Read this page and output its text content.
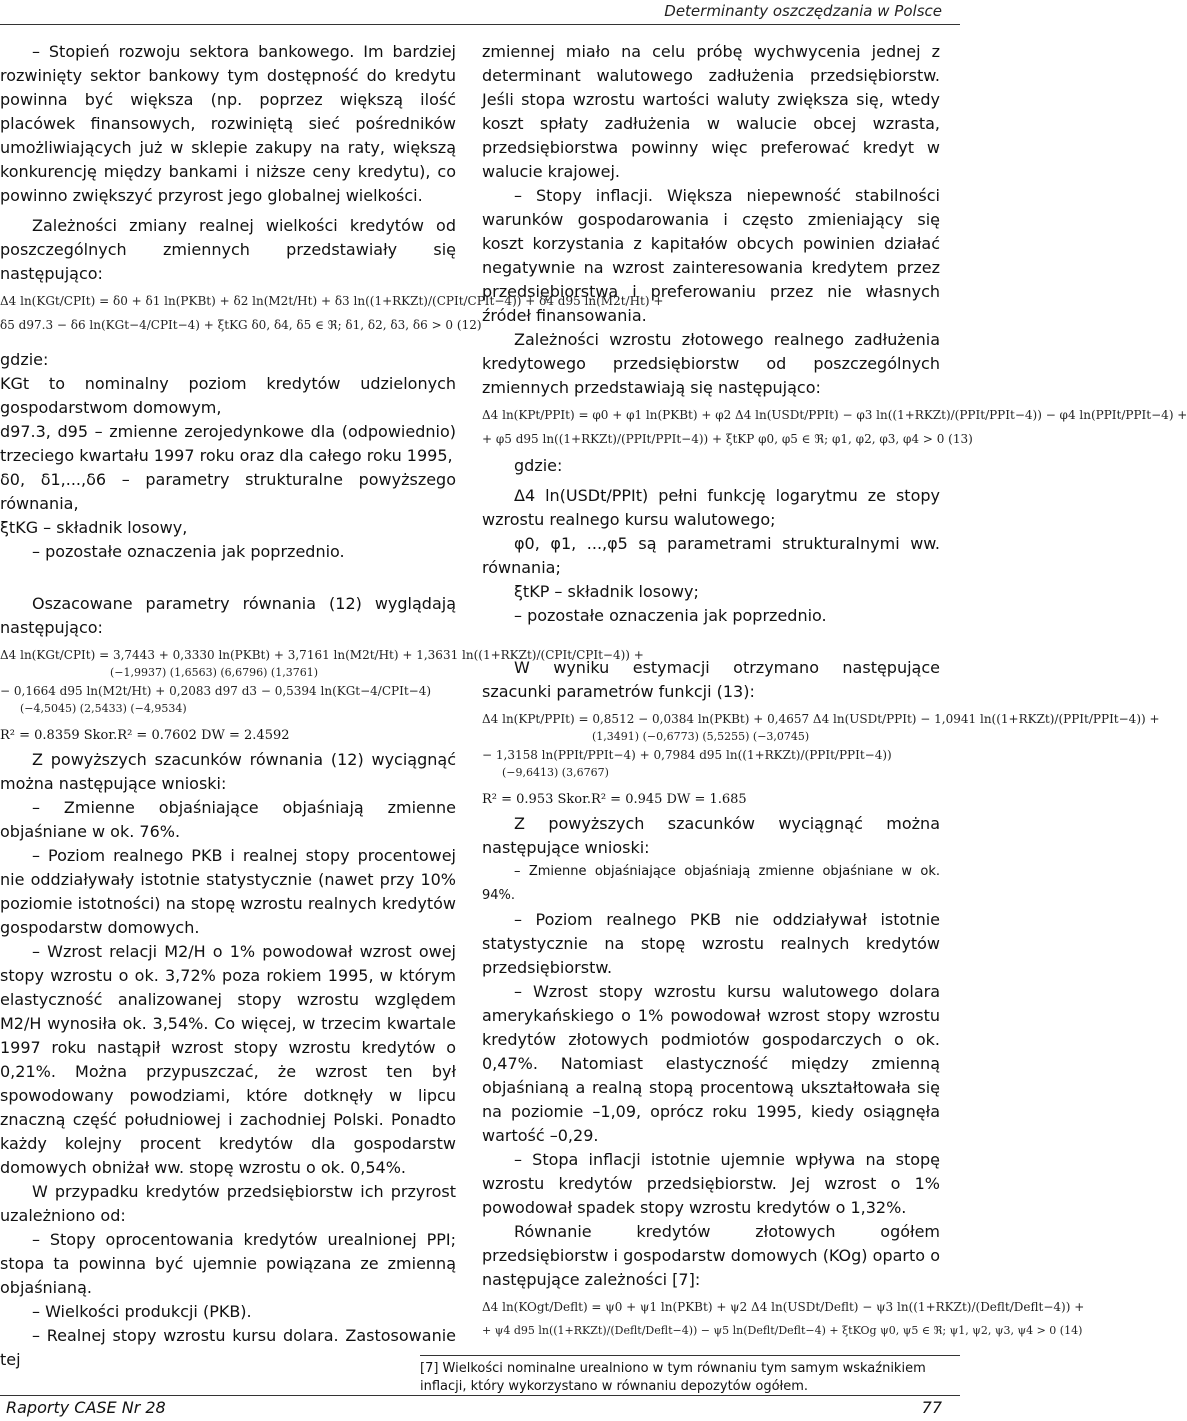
Determinanty oszczędzania w Polsce

– Stopień rozwoju sektora bankowego. Im bardziej rozwinięty sektor bankowy tym dostępność do kredytu powinna być większa (np. poprzez większą ilość placówek finansowych, rozwiniętą sieć pośredników umożliwiających już w sklepie zakupy na raty, większą konkurencję między bankami i niższe ceny kredytu), co powinno zwiększyć przyrost jego globalnej wielkości.

Zależności zmiany realnej wielkości kredytów od poszczególnych zmiennych przedstawiały się następująco:

Δ4 ln(KGt/CPIt) = δ0 + δ1 ln(PKBt) + δ2 ln(M2t/Ht) + δ3 ln((1+RKZt)/(CPIt/CPIt−4)) + δ4 d95 ln(M2t/Ht) +
δ5 d97.3 − δ6 ln(KGt−4/CPIt−4) + ξtKG δ0, δ4, δ5 ∈ ℜ; δ1, δ2, δ3, δ6 > 0 (12)

gdzie:

KGt to nominalny poziom kredytów udzielonych gospodarstwom domowym,

d97.3, d95 – zmienne zerojedynkowe dla (odpowiednio) trzeciego kwartału 1997 roku oraz dla całego roku 1995,

δ0, δ1,...,δ6 – parametry strukturalne powyższego równania,

ξtKG – składnik losowy,

– pozostałe oznaczenia jak poprzednio.

Oszacowane parametry równania (12) wyglądają następująco:

Δ4 ln(KGt/CPIt) = 3,7443 + 0,3330 ln(PKBt) + 3,7161 ln(M2t/Ht) + 1,3631 ln((1+RKZt)/(CPIt/CPIt−4)) +
(−1,9937) (1,6563) (6,6796) (1,3761)
− 0,1664 d95 ln(M2t/Ht) + 0,2083 d97 d3 − 0,5394 ln(KGt−4/CPIt−4)
(−4,5045) (2,5433) (−4,9534)
R² = 0.8359 Skor.R² = 0.7602 DW = 2.4592

Z powyższych szacunków równania (12) wyciągnąć można następujące wnioski:

– Zmienne objaśniające objaśniają zmienne objaśniane w ok. 76%.

– Poziom realnego PKB i realnej stopy procentowej nie oddziaływały istotnie statystycznie (nawet przy 10% poziomie istotności) na stopę wzrostu realnych kredytów gospodarstw domowych.

– Wzrost relacji M2/H o 1% powodował wzrost owej stopy wzrostu o ok. 3,72% poza rokiem 1995, w którym elastyczność analizowanej stopy wzrostu względem M2/H wynosiła ok. 3,54%. Co więcej, w trzecim kwartale 1997 roku nastąpił wzrost stopy wzrostu kredytów o 0,21%. Można przypuszczać, że wzrost ten był spowodowany powodziami, które dotknęły w lipcu znaczną część południowej i zachodniej Polski. Ponadto każdy kolejny procent kredytów dla gospodarstw domowych obniżał ww. stopę wzrostu o ok. 0,54%.

W przypadku kredytów przedsiębiorstw ich przyrost uzależniono od:

– Stopy oprocentowania kredytów urealnionej PPI; stopa ta powinna być ujemnie powiązana ze zmienną objaśnianą.

– Wielkości produkcji (PKB).

– Realnej stopy wzrostu kursu dolara. Zastosowanie tej

zmiennej miało na celu próbę wychwycenia jednej z determinant walutowego zadłużenia przedsiębiorstw. Jeśli stopa wzrostu wartości waluty zwiększa się, wtedy koszt spłaty zadłużenia w walucie obcej wzrasta, przedsiębiorstwa powinny więc preferować kredyt w walucie krajowej.

– Stopy inflacji. Większa niepewność stabilności warunków gospodarowania i często zmieniający się koszt korzystania z kapitałów obcych powinien działać negatywnie na wzrost zainteresowania kredytem przez przedsiębiorstwa i preferowaniu przez nie własnych źródeł finansowania.

Zależności wzrostu złotowego realnego zadłużenia kredytowego przedsiębiorstw od poszczególnych zmiennych przedstawiają się następująco:

Δ4 ln(KPt/PPIt) = φ0 + φ1 ln(PKBt) + φ2 Δ4 ln(USDt/PPIt) − φ3 ln((1+RKZt)/(PPIt/PPIt−4)) − φ4 ln(PPIt/PPIt−4) +
+ φ5 d95 ln((1+RKZt)/(PPIt/PPIt−4)) + ξtKP φ0, φ5 ∈ ℜ; φ1, φ2, φ3, φ4 > 0 (13)

gdzie:

Δ4 ln(USDt/PPIt) pełni funkcję logarytmu ze stopy wzrostu realnego kursu walutowego;

φ0, φ1, ...,φ5 są parametrami strukturalnymi ww. równania;

ξtKP – składnik losowy;

– pozostałe oznaczenia jak poprzednio.

W wyniku estymacji otrzymano następujące szacunki parametrów funkcji (13):

Δ4 ln(KPt/PPIt) = 0,8512 − 0,0384 ln(PKBt) + 0,4657 Δ4 ln(USDt/PPIt) − 1,0941 ln((1+RKZt)/(PPIt/PPIt−4)) +
(1,3491) (−0,6773) (5,5255) (−3,0745)
− 1,3158 ln(PPIt/PPIt−4) + 0,7984 d95 ln((1+RKZt)/(PPIt/PPIt−4))
(−9,6413) (3,6767)
R² = 0.953 Skor.R² = 0.945 DW = 1.685

Z powyższych szacunków wyciągnąć można następujące wnioski:

– Zmienne objaśniające objaśniają zmienne objaśniane w ok. 94%.

– Poziom realnego PKB nie oddziaływał istotnie statystycznie na stopę wzrostu realnych kredytów przedsiębiorstw.

– Wzrost stopy wzrostu kursu walutowego dolara amerykańskiego o 1% powodował wzrost stopy wzrostu kredytów złotowych podmiotów gospodarczych o ok. 0,47%. Natomiast elastyczność między zmienną objaśnianą a realną stopą procentową ukształtowała się na poziomie –1,09, oprócz roku 1995, kiedy osiągnęła wartość –0,29.

– Stopa inflacji istotnie ujemnie wpływa na stopę wzrostu kredytów przedsiębiorstw. Jej wzrost o 1% powodował spadek stopy wzrostu kredytów o 1,32%.

Równanie kredytów złotowych ogółem przedsiębiorstw i gospodarstw domowych (KOg) oparto o następujące zależności [7]:

Δ4 ln(KOgt/Deflt) = ψ0 + ψ1 ln(PKBt) + ψ2 Δ4 ln(USDt/Deflt) − ψ3 ln((1+RKZt)/(Deflt/Deflt−4)) +
+ ψ4 d95 ln((1+RKZt)/(Deflt/Deflt−4)) − ψ5 ln(Deflt/Deflt−4) + ξtKOg ψ0, ψ5 ∈ ℜ; ψ1, ψ2, ψ3, ψ4 > 0 (14)
[7] Wielkości nominalne urealniono w tym równaniu tym samym wskaźnikiem inflacji, który wykorzystano w równaniu depozytów ogółem.
Raporty CASE Nr 28	77
